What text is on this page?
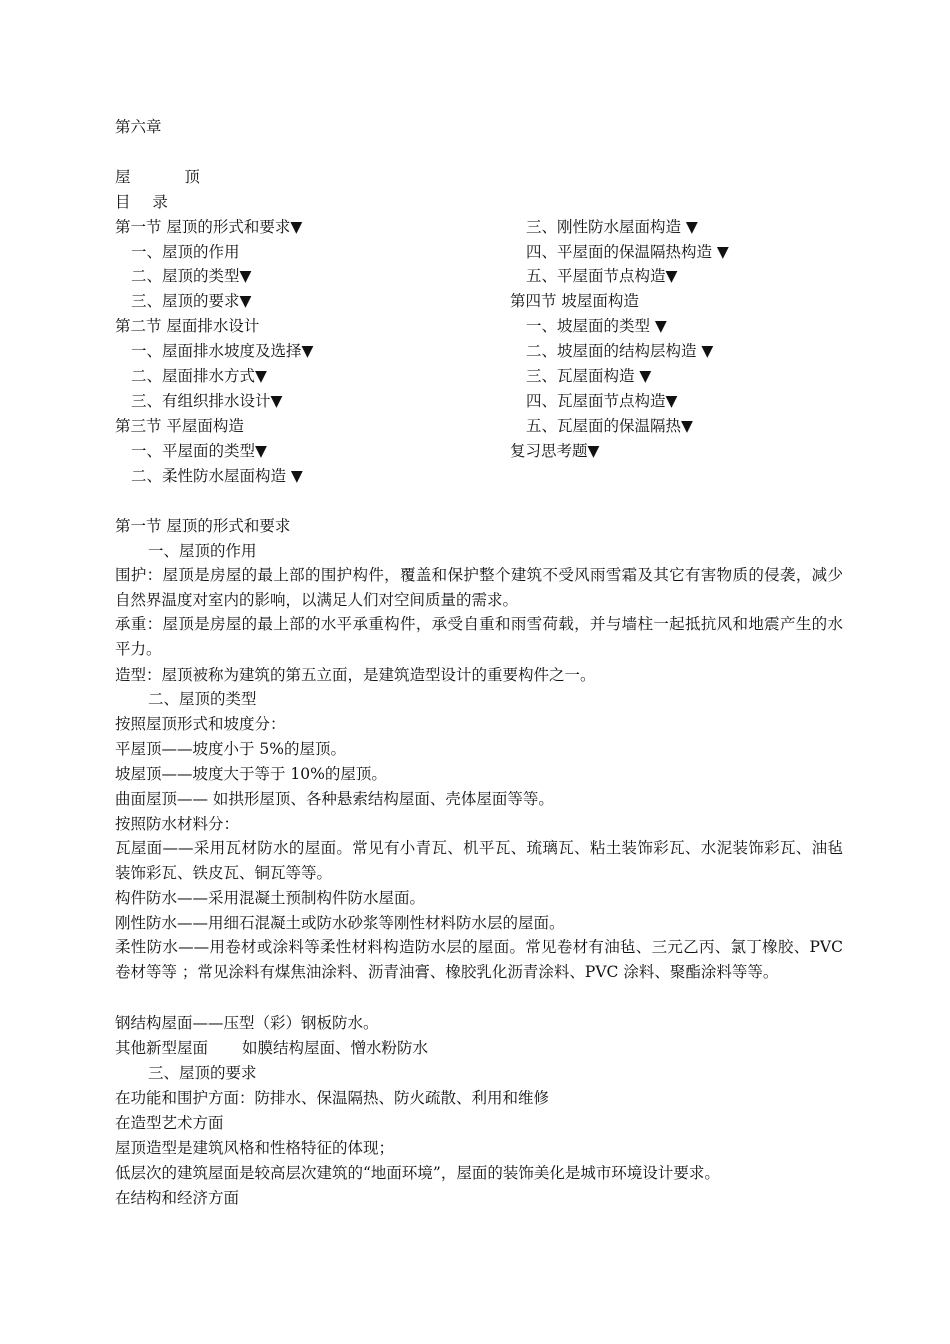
第六章
屋	顶
目 录
第一节 屋顶的形式和要求▼
一、屋顶的作用
二、屋顶的类型▼
三、屋顶的要求▼
第二节 屋面排水设计
一、屋面排水坡度及选择▼
二、屋面排水方式▼
三、有组织排水设计▼
第三节 平屋面构造
一、平屋面的类型▼
二、柔性防水屋面构造 ▼
三、刚性防水屋面构造 ▼
四、平屋面的保温隔热构造 ▼
五、平屋面节点构造▼
第四节 坡屋面构造
一、坡屋面的类型 ▼
二、坡屋面的结构层构造 ▼
三、瓦屋面构造 ▼
四、瓦屋面节点构造▼
五、瓦屋面的保温隔热▼
复习思考题▼
第一节 屋顶的形式和要求
一、屋顶的作用
围护：屋顶是房屋的最上部的围护构件，覆盖和保护整个建筑不受风雨雪霜及其它有害物质的侵袭，减少自然界温度对室内的影响，以满足人们对空间质量的需求。
承重：屋顶是房屋的最上部的水平承重构件，承受自重和雨雪荷载，并与墙柱一起抵抗风和地震产生的水平力。
造型：屋顶被称为建筑的第五立面，是建筑造型设计的重要构件之一。
二、屋顶的类型
按照屋顶形式和坡度分：
平屋顶——坡度小于 5%的屋顶。
坡屋顶——坡度大于等于 10%的屋顶。
曲面屋顶—— 如拱形屋顶、各种悬索结构屋面、壳体屋面等等。
按照防水材料分：
瓦屋面——采用瓦材防水的屋面。常见有小青瓦、机平瓦、琉璃瓦、粘土装饰彩瓦、水泥装饰彩瓦、油毡装饰彩瓦、铁皮瓦、铜瓦等等。
构件防水——采用混凝土预制构件防水屋面。
刚性防水——用细石混凝土或防水砂浆等刚性材料防水层的屋面。
柔性防水——用卷材或涂料等柔性材料构造防水层的屋面。常见卷材有油毡、三元乙丙、氯丁橡胶、PVC 卷材等等 ；常见涂料有煤焦油涂料、沥青油膏、橡胶乳化沥青涂料、PVC 涂料、聚酯涂料等等。
钢结构屋面——压型（彩）钢板防水。
其他新型屋面 如膜结构屋面、憎水粉防水
三、屋顶的要求
在功能和围护方面：防排水、保温隔热、防火疏散、利用和维修
在造型艺术方面
屋顶造型是建筑风格和性格特征的体现；
低层次的建筑屋面是较高层次建筑的“地面环境”，屋面的装饰美化是城市环境设计要求。
在结构和经济方面
